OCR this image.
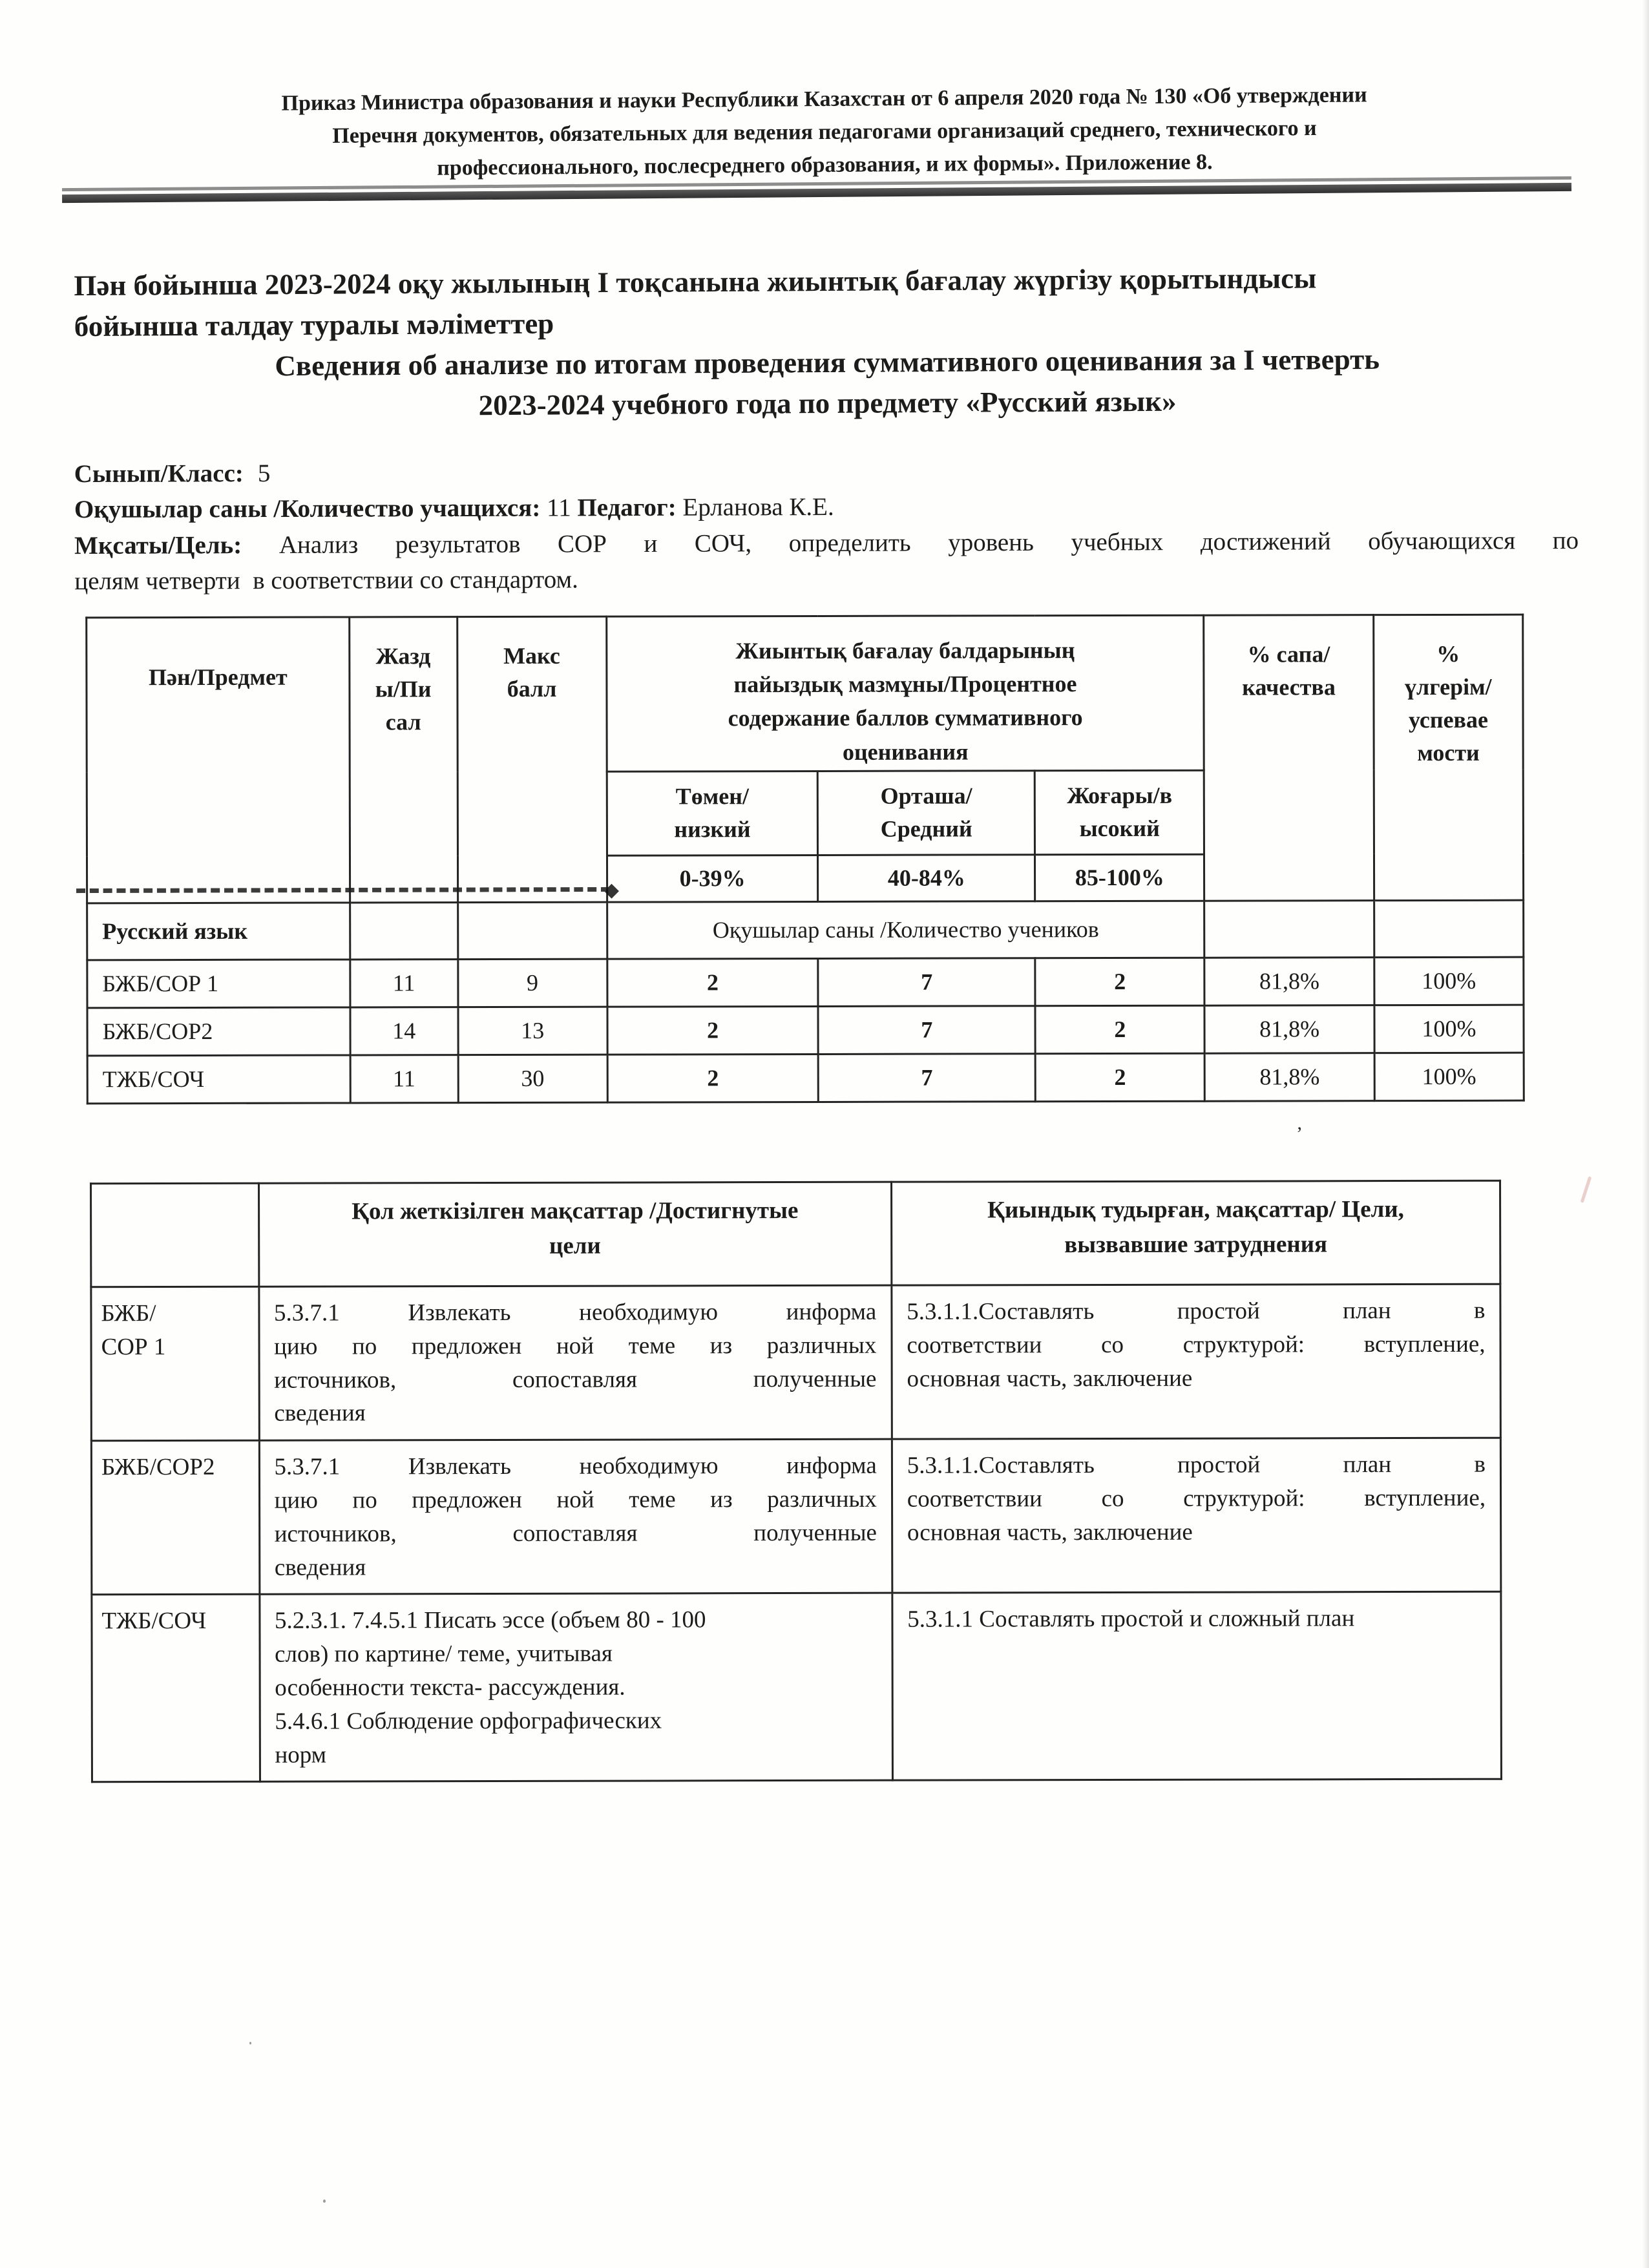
Приказ Министра образования и науки Республики Казахстан от 6 апреля 2020 года № 130 «Об утверждении
Перечня документов, обязательных для ведения педагогами организаций среднего, технического и
профессионального, послесреднего образования, и их формы». Приложение 8.
Пән бойынша 2023-2024 оқу жылының I тоқсанына жиынтық бағалау жүргізу қорытындысы
бойынша талдау туралы мәліметтер
Сведения об анализе по итогам проведения суммативного оценивания за I четверть
2023-2024 учебного года по предмету «Русский язык»
Сынып/Класс: 5
Оқушылар саны /Количество учащихся: 11 Педагог: Ерланова К.Е.
Мқсаты/Цель: Анализ результатов СОР и СОЧ, определить уровень учебных достижений обучающихся по
целям четверти  в соответствии со стандартом.
Пән/Предмет	Жазд
ы/Пи
сал	Макс
балл	Жиынтық бағалау балдарының
пайыздық мазмұны/Процентное
содержание баллов суммативного
оценивания			% сапа/
качества	%
үлгерім/
успевае
мости
			Төмен/
низкий	Орташа/
Средний	Жоғары/в
ысокий		
			0-39%	40-84%	85-100%		
Русский язык			Оқушылар саны /Количество учеников				
БЖБ/СОР 1	11	9	2	7	2	81,8%	100%
БЖБ/СОР2	14	13	2	7	2	81,8%	100%
ТЖБ/СОЧ	11	30	2	7	2	81,8%	100%
◆
	Қол жеткізілген мақсаттар /Достигнутые
цели	Қиындық тудырған, мақсаттар/ Цели,
вызвавшие затруднения
БЖБ/
СОР 1	5.3.7.1 Извлекать необходимую информа
цию по предложен ной теме из различных
источников, сопоставляя полученные
сведения	5.3.1.1.Составлять простой план в
соответствии со структурой: вступление,
основная часть, заключение

БЖБ/СОР2	5.3.7.1 Извлекать необходимую информа
цию по предложен ной теме из различных
источников, сопоставляя полученные
сведения	5.3.1.1.Составлять простой план в
соответствии со структурой: вступление,
основная часть, заключение

ТЖБ/СОЧ	5.2.3.1. 7.4.5.1 Писать эссе (объем 80 - 100
слов) по картине/ теме, учитывая
особенности текста- рассуждения.
5.4.6.1 Соблюдение орфографических
норм	5.3.1.1 Составлять простой и сложный план
’
